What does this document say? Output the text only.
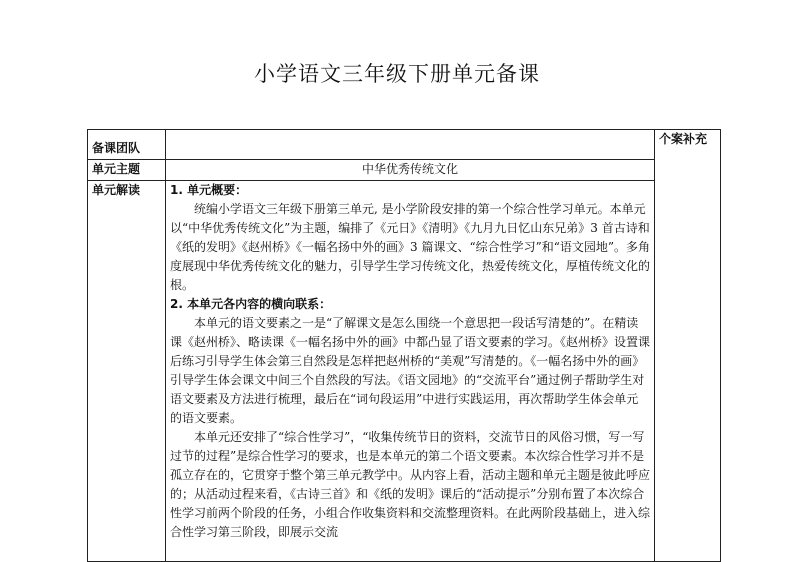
小学语文三年级下册单元备课
备课团队		个案补充
单元主题	中华优秀传统文化	
单元解读	1. 单元概要：

统编小学语文三年级下册第三单元, 是小学阶段安排的第一个综合性学习单元。本单元以“中华优秀传统文化”为主题，编排了《元日》《清明》《九月九日忆山东兄弟》3 首古诗和《纸的发明》《赵州桥》《一幅名扬中外的画》3 篇课文、“综合性学习”和“语文园地”。多角度展现中华优秀传统文化的魅力，引导学生学习传统文化，热爱传统文化，厚植传统文化的根。

2. 本单元各内容的横向联系：

本单元的语文要素之一是“了解课文是怎么围绕一个意思把一段话写清楚的”。在精读课《赵州桥》、略读课《一幅名扬中外的画》中都凸显了语文要素的学习。《赵州桥》设置课后练习引导学生体会第三自然段是怎样把赵州桥的“美观”写清楚的。《一幅名扬中外的画》引导学生体会课文中间三个自然段的写法。《语文园地》的“交流平台”通过例子帮助学生对语文要素及方法进行梳理，最后在“词句段运用”中进行实践运用，再次帮助学生体会单元的语文要素。

本单元还安排了“综合性学习”，“收集传统节日的资料，交流节日的风俗习惯，写一写过节的过程”是综合性学习的要求，也是本单元的第二个语文要素。本次综合性学习并不是孤立存在的，它贯穿于整个第三单元教学中。从内容上看，活动主题和单元主题是彼此呼应的；从活动过程来看，《古诗三首》和《纸的发明》课后的“活动提示”分别布置了本次综合性学习前两个阶段的任务，小组合作收集资料和交流整理资料。在此两阶段基础上，进入综合性学习第三阶段，即展示交流	
